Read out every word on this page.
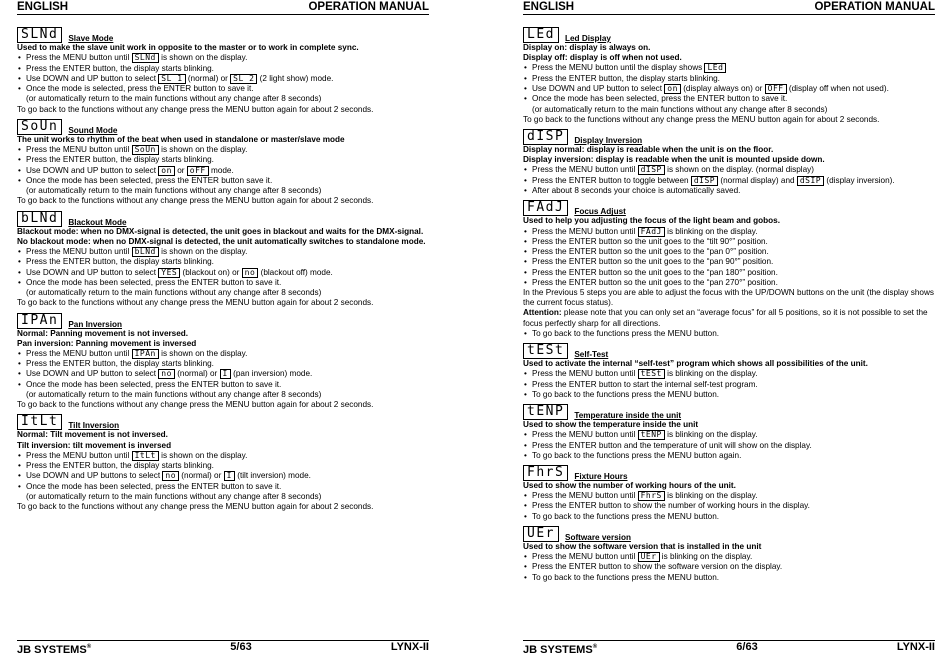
ENGLISH	OPERATION MANUAL
SLNd	Slave Mode
Used to make the slave unit work in opposite to the master or to work in complete sync.
• Press the MENU button until SLNd is shown on the display.
• Press the ENTER button, the display starts blinking.
• Use DOWN and UP button to select SL 1 (normal) or SL 2 (2 light show) mode.
• Once the mode is selected, press the ENTER button to save it.
(or automatically return to the main functions without any change after 8 seconds)
To go back to the functions without any change press the MENU button again for about 2 seconds.
SoUn	Sound Mode
The unit works to rhythm of the beat when used in standalone or master/slave mode
• Press the MENU button until SoUn is shown on the display.
• Press the ENTER button, the display starts blinking.
• Use DOWN and UP button to select on or oFF mode.
• Once the mode has been selected, press the ENTER button save it.
(or automatically return to the main functions without any change after 8 seconds)
To go back to the functions without any change press the MENU button again for about 2 seconds.
bLNd	Blackout Mode
Blackout mode: when no DMX-signal is detected, the unit goes in blackout and waits for the DMX-signal.
No blackout mode: when no DMX-signal is detected, the unit automatically switches to standalone mode.
• Press the MENU button until bLNd is shown on the display.
• Press the ENTER button, the display starts blinking.
• Use DOWN and UP button to select YES (blackout on) or no (blackout off) mode.
• Once the mode has been selected, press the ENTER button to save it.
(or automatically return to the main functions without any change after 8 seconds)
To go back to the functions without any change press the MENU button again for about 2 seconds.
IPAn	Pan Inversion
Normal: Panning movement is not inversed.
Pan inversion: Panning movement is inversed
• Press the MENU button until IPAn is shown on the display.
• Press the ENTER button, the display starts blinking.
• Use DOWN and UP button to select no (normal) or I (pan inversion) mode.
• Once the mode has been selected, press the ENTER button to save it.
(or automatically return to the main functions without any change after 8 seconds)
To go back to the functions without any change press the MENU button again for about 2 seconds.
ItLt	Tilt Inversion
Normal: Tilt movement is not inversed.
Tilt inversion: tilt movement is inversed
• Press the MENU button until ItLt is shown on the display.
• Press the ENTER button, the display starts blinking.
• Use DOWN and UP buttons to select no (normal) or I (tilt inversion) mode.
• Once the mode has been selected, press the ENTER button to save it.
(or automatically return to the main functions without any change after 8 seconds)
To go back to the functions without any change press the MENU button again for about 2 seconds.
JB SYSTEMS®	5/63	LYNX-II
ENGLISH	OPERATION MANUAL
LEd	Led Display
Display on: display is always on.
Display off: display is off when not used.
• Press the MENU button until the display shows LEd
• Press the ENTER button, the display starts blinking.
• Use DOWN and UP button to select on (display always on) or OFF (display off when not used).
• Once the mode has been selected, press the ENTER button to save it.
(or automatically return to the main functions without any change after 8 seconds)
To go back to the functions without any change press the MENU button again for about 2 seconds.
dISP	Display Inversion
Display normal: display is readable when the unit is on the floor.
Display inversion: display is readable when the unit is mounted upside down.
• Press the MENU button until dISP is shown on the display. (normal display)
• Press the ENTER button to toggle between dISP (normal display) and dSIP (display inversion).
• After about 8 seconds your choice is automatically saved.
FAdJ	Focus Adjust
Used to help you adjusting the focus of the light beam and gobos.
• Press the MENU button until FAdJ is blinking on the display.
• Press the ENTER button so the unit goes to the “tilt 90°” position.
• Press the ENTER button so the unit goes to the “pan 0°” position.
• Press the ENTER button so the unit goes to the “pan 90°” position.
• Press the ENTER button so the unit goes to the “pan 180°” position.
• Press the ENTER button so the unit goes to the “pan 270°” position.
In the Previous 5 steps you are able to adjust the focus with the UP/DOWN buttons on the unit (the display shows the current focus status).
Attention: please note that you can only set an “average focus” for all 5 positions, so it is not possible to set the focus perfectly sharp for all directions.
• To go back to the functions press the MENU button.
tESt	Self-Test
Used to activate the internal “self-test” program which shows all possibilities of the unit.
• Press the MENU button until tESt is blinking on the display.
• Press the ENTER button to start the internal self-test program.
• To go back to the functions press the MENU button.
tENP	Temperature inside the unit
Used to show the temperature inside the unit
• Press the MENU button until tENP is blinking on the display.
• Press the ENTER button and the temperature of unit will show on the display.
• To go back to the functions press the MENU button again.
FhrS	Fixture Hours
Used to show the number of working hours of the unit.
• Press the MENU button until FhrS is blinking on the display.
• Press the ENTER button to show the number of working hours in the display.
• To go back to the functions press the MENU button.
UEr	Software version
Used to show the software version that is installed in the unit
• Press the MENU button until UEr is blinking on the display.
• Press the ENTER button to show the software version on the display.
• To go back to the functions press the MENU button.
JB SYSTEMS®	6/63	LYNX-II
